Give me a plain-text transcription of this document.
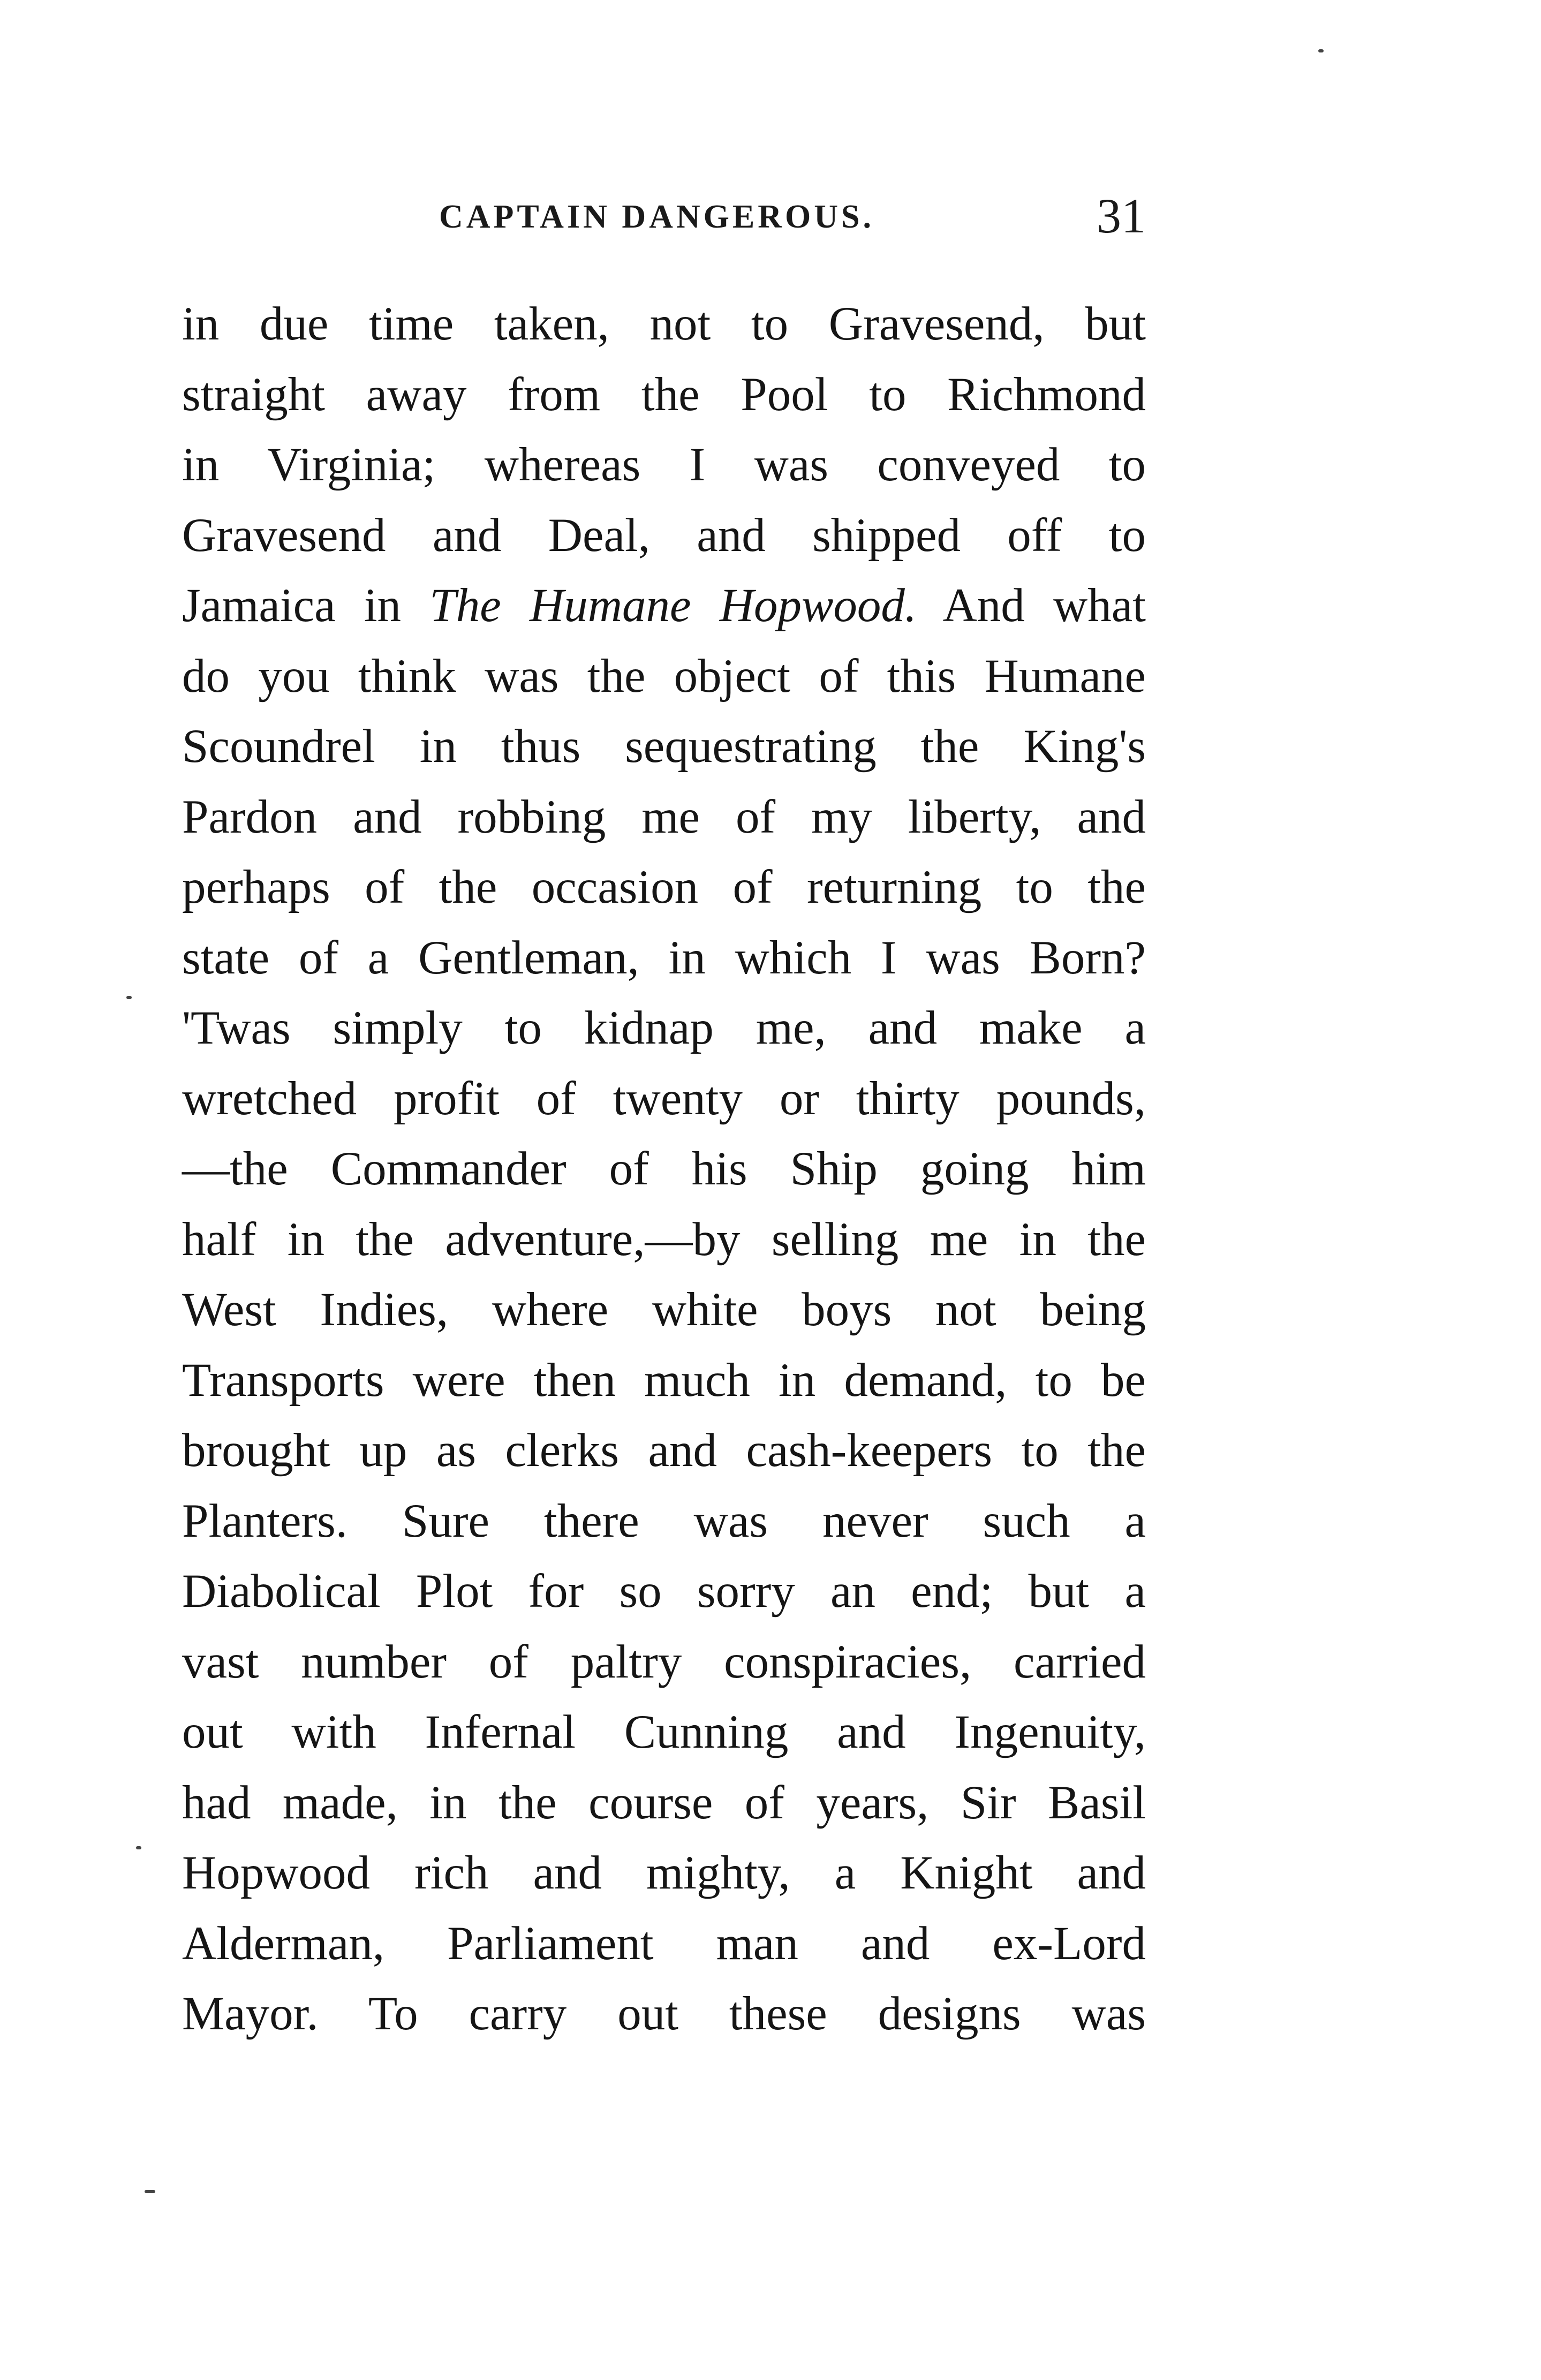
CAPTAIN DANGEROUS.	31
in due time taken, not to Gravesend, but
straight away from the Pool to Richmond
in Virginia; whereas I was conveyed to
Gravesend and Deal, and shipped off to
Jamaica in The Humane Hopwood. And what
do you think was the object of this Humane
Scoundrel in thus sequestrating the King's
Pardon and robbing me of my liberty, and
perhaps of the occasion of returning to the
state of a Gentleman, in which I was Born?
'Twas simply to kidnap me, and make a
wretched profit of twenty or thirty pounds,
—the Commander of his Ship going him
half in the adventure,—by selling me in the
West Indies, where white boys not being
Transports were then much in demand, to be
brought up as clerks and cash-keepers to the
Planters. Sure there was never such a
Diabolical Plot for so sorry an end; but a
vast number of paltry conspiracies, carried
out with Infernal Cunning and Ingenuity,
had made, in the course of years, Sir Basil
Hopwood rich and mighty, a Knight and
Alderman, Parliament man and ex-Lord
Mayor. To carry out these designs was
